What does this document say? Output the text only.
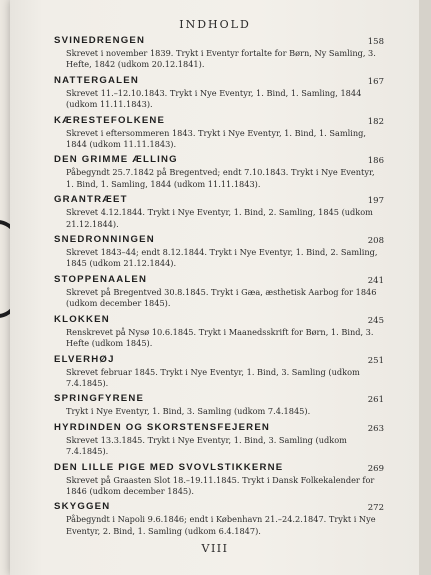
INDHOLD
SVINEDRENGEN
Skrevet i november 1839. Trykt i Eventyr fortalte for Børn, Ny Samling, 3. Hefte, 1842 (udkom 20.12.1841).
158
NATTERGALEN
Skrevet 11.–12.10.1843. Trykt i Nye Eventyr, 1. Bind, 1. Samling, 1844 (udkom 11.11.1843).
167
KÆRESTEFOLKENE
Skrevet i eftersommeren 1843. Trykt i Nye Eventyr, 1. Bind, 1. Samling, 1844 (udkom 11.11.1843).
182
DEN GRIMME ÆLLING
Påbegyndt 25.7.1842 på Bregentved; endt 7.10.1843. Trykt i Nye Eventyr, 1. Bind, 1. Samling, 1844 (udkom 11.11.1843).
186
GRANTRÆET
Skrevet 4.12.1844. Trykt i Nye Eventyr, 1. Bind, 2. Samling, 1845 (udkom 21.12.1844).
197
SNEDRONNINGEN
Skrevet 1843–44; endt 8.12.1844. Trykt i Nye Eventyr, 1. Bind, 2. Samling, 1845 (udkom 21.12.1844).
208
STOPPENAALEN
Skrevet på Bregentved 30.8.1845. Trykt i Gæa, æsthetisk Aarbog for 1846 (udkom december 1845).
241
KLOKKEN
Renskrevet på Nysø 10.6.1845. Trykt i Maanedsskrift for Børn, 1. Bind, 3. Hefte (udkom 1845).
245
ELVERHØJ
Skrevet februar 1845. Trykt i Nye Eventyr, 1. Bind, 3. Samling (udkom 7.4.1845).
251
SPRINGFYRENE
Trykt i Nye Eventyr, 1. Bind, 3. Samling (udkom 7.4.1845).
261
HYRDINDEN OG SKORSTENSFEJEREN
Skrevet 13.3.1845. Trykt i Nye Eventyr, 1. Bind, 3. Samling (udkom 7.4.1845).
263
DEN LILLE PIGE MED SVOVLSTIKKERNE
Skrevet på Graasten Slot 18.–19.11.1845. Trykt i Dansk Folkekalender for 1846 (udkom december 1845).
269
SKYGGEN
Påbegyndt i Napoli 9.6.1846; endt i København 21.–24.2.1847. Trykt i Nye Eventyr, 2. Bind, 1. Samling (udkom 6.4.1847).
272
VIII
